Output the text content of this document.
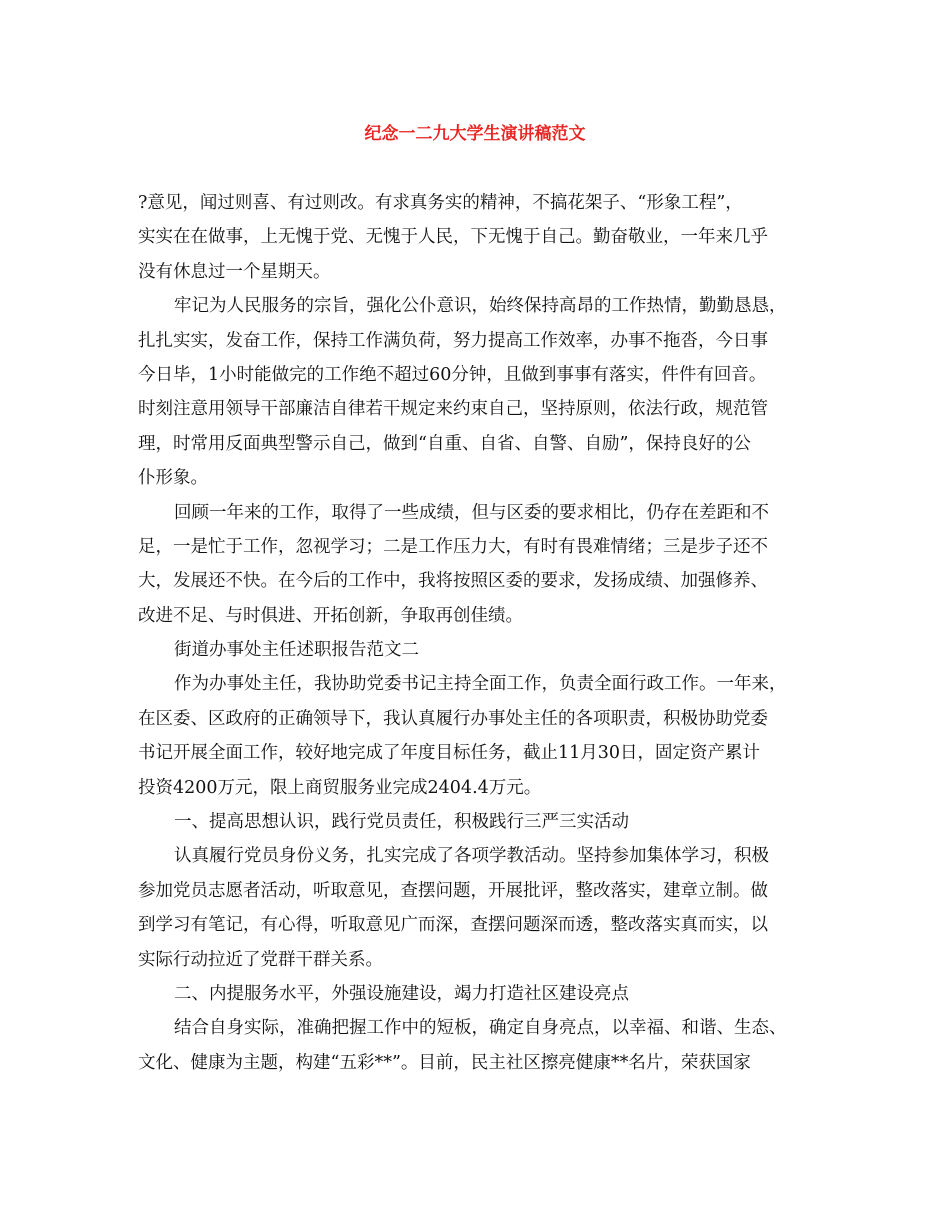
纪念一二九大学生演讲稿范文

?意见，闻过则喜、有过则改。有求真务实的精神，不搞花架子、“形象工程”，

实实在在做事，上无愧于党、无愧于人民，下无愧于自己。勤奋敬业，一年来几乎

没有休息过一个星期天。

牢记为人民服务的宗旨，强化公仆意识，始终保持高昂的工作热情，勤勤恳恳，

扎扎实实，发奋工作，保持工作满负荷，努力提高工作效率，办事不拖沓，今日事

今日毕，1小时能做完的工作绝不超过60分钟，且做到事事有落实，件件有回音。

时刻注意用领导干部廉洁自律若干规定来约束自己，坚持原则，依法行政，规范管

理，时常用反面典型警示自己，做到“自重、自省、自警、自励”，保持良好的公

仆形象。

回顾一年来的工作，取得了一些成绩，但与区委的要求相比，仍存在差距和不

足，一是忙于工作，忽视学习；二是工作压力大，有时有畏难情绪；三是步子还不

大，发展还不快。在今后的工作中，我将按照区委的要求，发扬成绩、加强修养、

改进不足、与时俱进、开拓创新，争取再创佳绩。

街道办事处主任述职报告范文二

作为办事处主任，我协助党委书记主持全面工作，负责全面行政工作。一年来，

在区委、区政府的正确领导下，我认真履行办事处主任的各项职责，积极协助党委

书记开展全面工作，较好地完成了年度目标任务，截止11月30日，固定资产累计

投资4200万元，限上商贸服务业完成2404.4万元。

一、提高思想认识，践行党员责任，积极践行三严三实活动

认真履行党员身份义务，扎实完成了各项学教活动。坚持参加集体学习，积极

参加党员志愿者活动，听取意见，查摆问题，开展批评，整改落实，建章立制。做

到学习有笔记，有心得，听取意见广而深，查摆问题深而透，整改落实真而实，以

实际行动拉近了党群干群关系。

二、内提服务水平，外强设施建设，竭力打造社区建设亮点

结合自身实际，准确把握工作中的短板，确定自身亮点，以幸福、和谐、生态、

文化、健康为主题，构建“五彩**”。目前，民主社区擦亮健康**名片，荣获国家
